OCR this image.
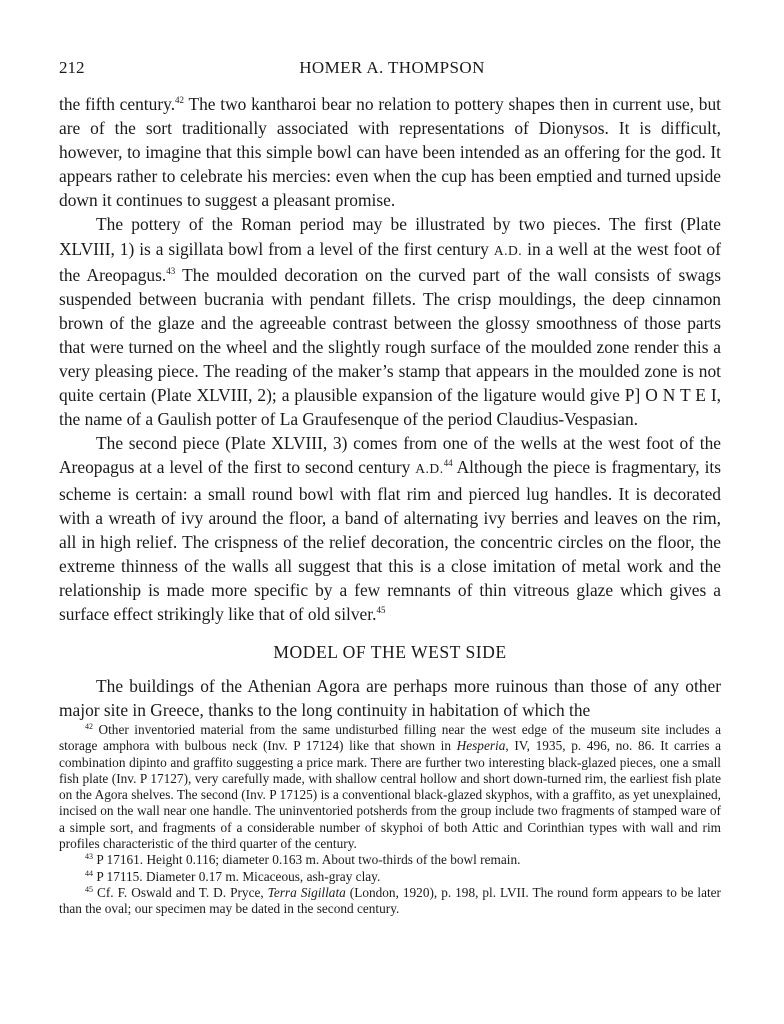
212	HOMER A. THOMPSON

the fifth century.$^{42}$ The two kantharoi bear no relation to pottery shapes then in current use, but are of the sort traditionally associated with representations of Dionysos. It is difficult, however, to imagine that this simple bowl can have been intended as an offering for the god. It appears rather to celebrate his mercies: even when the cup has been emptied and turned upside down it continues to suggest a pleasant promise.

The pottery of the Roman period may be illustrated by two pieces. The first (Plate XLVIII, 1) is a sigillata bowl from a level of the first century A.D. in a well at the west foot of the Areopagus.$^{43}$ The moulded decoration on the curved part of the wall consists of swags suspended between bucrania with pendant fillets. The crisp mouldings, the deep cinnamon brown of the glaze and the agreeable contrast between the glossy smoothness of those parts that were turned on the wheel and the slightly rough surface of the moulded zone render this a very pleasing piece. The reading of the maker’s stamp that appears in the moulded zone is not quite certain (Plate XLVIII, 2); a plausible expansion of the ligature would give P] O N T E I, the name of a Gaulish potter of La Graufesenque of the period Claudius-Vespasian.

The second piece (Plate XLVIII, 3) comes from one of the wells at the west foot of the Areopagus at a level of the first to second century A.D.$^{44}$ Although the piece is fragmentary, its scheme is certain: a small round bowl with flat rim and pierced lug handles. It is decorated with a wreath of ivy around the floor, a band of alternating ivy berries and leaves on the rim, all in high relief. The crispness of the relief decoration, the concentric circles on the floor, the extreme thinness of the walls all suggest that this is a close imitation of metal work and the relationship is made more specific by a few remnants of thin vitreous glaze which gives a surface effect strikingly like that of old silver.$^{45}$

MODEL OF THE WEST SIDE

The buildings of the Athenian Agora are perhaps more ruinous than those of any other major site in Greece, thanks to the long continuity in habitation of which the

$^{42}$ Other inventoried material from the same undisturbed filling near the west edge of the museum site includes a storage amphora with bulbous neck (Inv. P 17124) like that shown in Hesperia, IV, 1935, p. 496, no. 86. It carries a combination dipinto and graffito suggesting a price mark. There are further two interesting black-glazed pieces, one a small fish plate (Inv. P 17127), very carefully made, with shallow central hollow and short down-turned rim, the earliest fish plate on the Agora shelves. The second (Inv. P 17125) is a conventional black-glazed skyphos, with a graffito, as yet unexplained, incised on the wall near one handle. The uninventoried potsherds from the group include two fragments of stamped ware of a simple sort, and fragments of a considerable number of skyphoi of both Attic and Corinthian types with wall and rim profiles characteristic of the third quarter of the century.

$^{43}$ P 17161. Height 0.116; diameter 0.163 m. About two-thirds of the bowl remain.

$^{44}$ P 17115. Diameter 0.17 m. Micaceous, ash-gray clay.

$^{45}$ Cf. F. Oswald and T. D. Pryce, Terra Sigillata (London, 1920), p. 198, pl. LVII. The round form appears to be later than the oval; our specimen may be dated in the second century.
